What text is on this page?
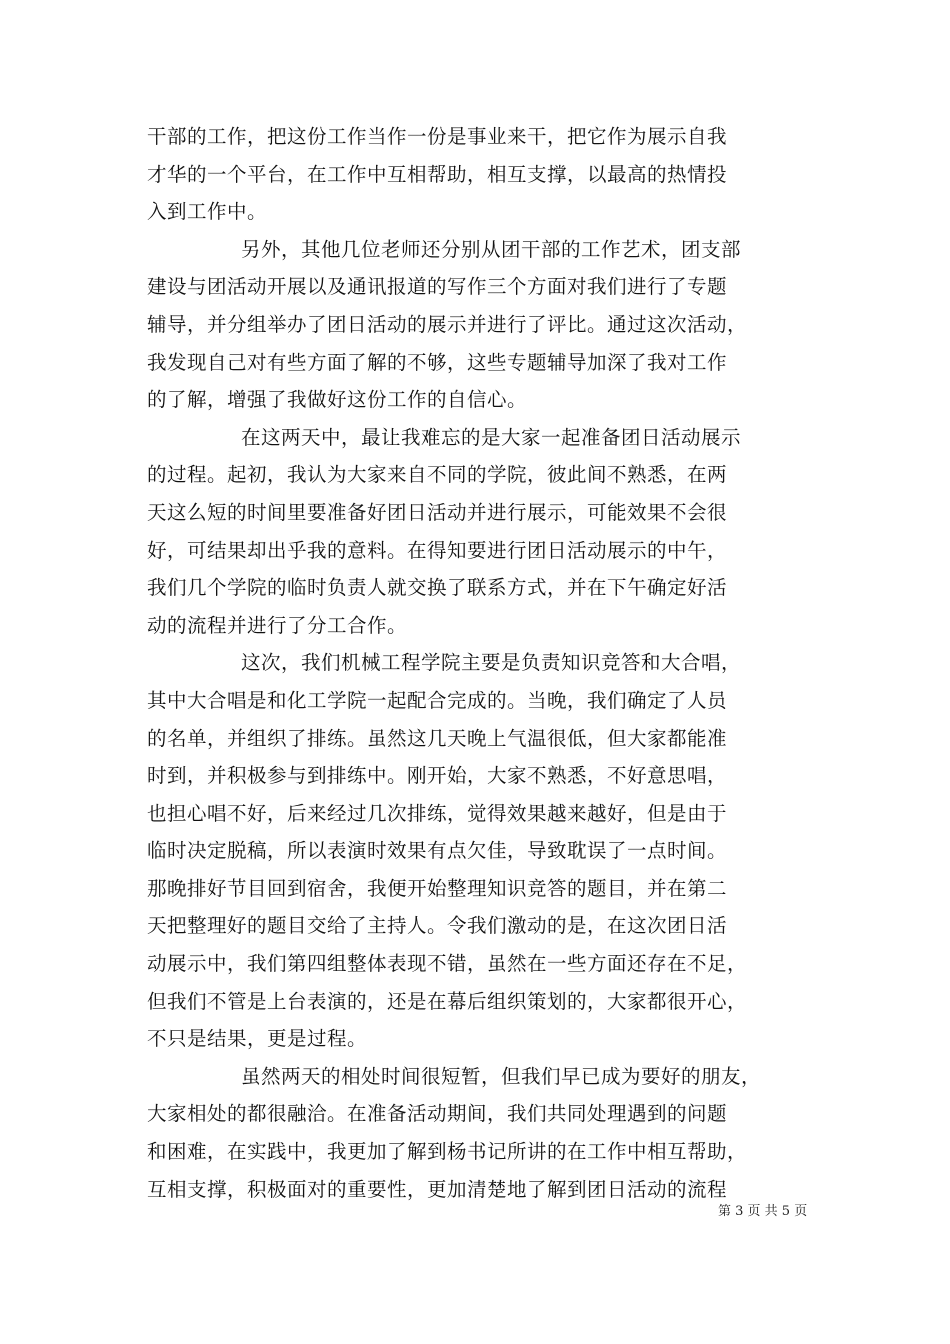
干部的工作，把这份工作当作一份是事业来干，把它作为展示自我
才华的一个平台，在工作中互相帮助，相互支撑，以最高的热情投
入到工作中。
另外，其他几位老师还分别从团干部的工作艺术，团支部
建设与团活动开展以及通讯报道的写作三个方面对我们进行了专题
辅导，并分组举办了团日活动的展示并进行了评比。通过这次活动，
我发现自己对有些方面了解的不够，这些专题辅导加深了我对工作
的了解，增强了我做好这份工作的自信心。
在这两天中，最让我难忘的是大家一起准备团日活动展示
的过程。起初，我认为大家来自不同的学院，彼此间不熟悉，在两
天这么短的时间里要准备好团日活动并进行展示，可能效果不会很
好，可结果却出乎我的意料。在得知要进行团日活动展示的中午，
我们几个学院的临时负责人就交换了联系方式，并在下午确定好活
动的流程并进行了分工合作。
这次，我们机械工程学院主要是负责知识竞答和大合唱，
其中大合唱是和化工学院一起配合完成的。当晚，我们确定了人员
的名单，并组织了排练。虽然这几天晚上气温很低，但大家都能准
时到，并积极参与到排练中。刚开始，大家不熟悉，不好意思唱，
也担心唱不好，后来经过几次排练，觉得效果越来越好，但是由于
临时决定脱稿，所以表演时效果有点欠佳，导致耽误了一点时间。
那晚排好节目回到宿舍，我便开始整理知识竞答的题目，并在第二
天把整理好的题目交给了主持人。令我们激动的是，在这次团日活
动展示中，我们第四组整体表现不错，虽然在一些方面还存在不足，
但我们不管是上台表演的，还是在幕后组织策划的，大家都很开心，
不只是结果，更是过程。
虽然两天的相处时间很短暂，但我们早已成为要好的朋友，
大家相处的都很融洽。在准备活动期间，我们共同处理遇到的问题
和困难，在实践中，我更加了解到杨书记所讲的在工作中相互帮助，
互相支撑，积极面对的重要性，更加清楚地了解到团日活动的流程
第 3 页 共 5 页
